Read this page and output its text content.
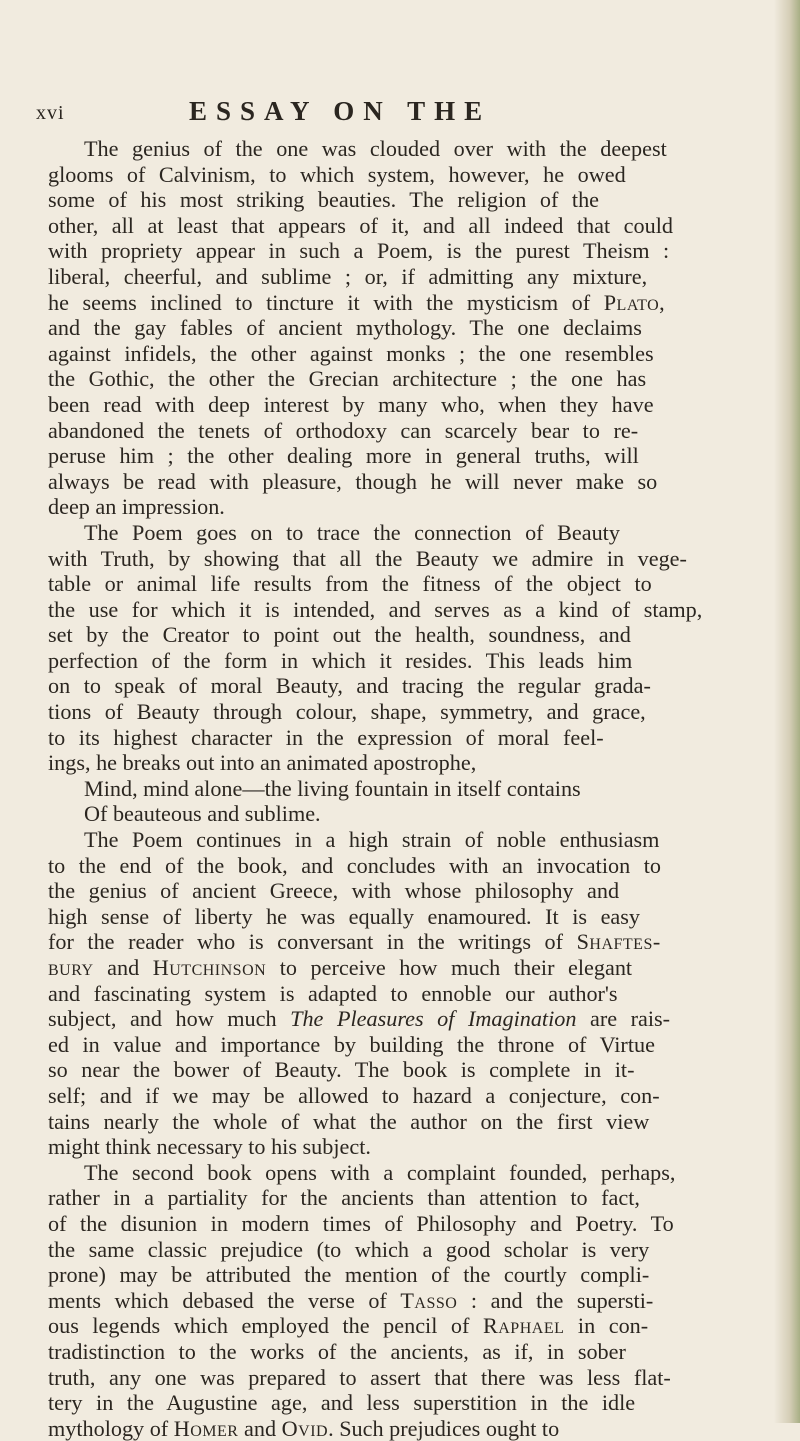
xvi	ESSAY ON THE
The genius of the one was clouded over with the deepest
glooms of Calvinism, to which system, however, he owed
some of his most striking beauties. The religion of the
other, all at least that appears of it, and all indeed that could
with propriety appear in such a Poem, is the purest Theism :
liberal, cheerful, and sublime ; or, if admitting any mixture,
he seems inclined to tincture it with the mysticism of Plato,
and the gay fables of ancient mythology. The one declaims
against infidels, the other against monks ; the one resembles
the Gothic, the other the Grecian architecture ; the one has
been read with deep interest by many who, when they have
abandoned the tenets of orthodoxy can scarcely bear to re-
peruse him ; the other dealing more in general truths, will
always be read with pleasure, though he will never make so
deep an impression.
The Poem goes on to trace the connection of Beauty
with Truth, by showing that all the Beauty we admire in vege-
table or animal life results from the fitness of the object to
the use for which it is intended, and serves as a kind of stamp,
set by the Creator to point out the health, soundness, and
perfection of the form in which it resides. This leads him
on to speak of moral Beauty, and tracing the regular grada-
tions of Beauty through colour, shape, symmetry, and grace,
to its highest character in the expression of moral feel-
ings, he breaks out into an animated apostrophe,
Mind, mind alone—the living fountain in itself contains
Of beauteous and sublime.
The Poem continues in a high strain of noble enthusiasm
to the end of the book, and concludes with an invocation to
the genius of ancient Greece, with whose philosophy and
high sense of liberty he was equally enamoured. It is easy
for the reader who is conversant in the writings of Shaftes-
bury and Hutchinson to perceive how much their elegant
and fascinating system is adapted to ennoble our author's
subject, and how much The Pleasures of Imagination are rais-
ed in value and importance by building the throne of Virtue
so near the bower of Beauty. The book is complete in it-
self; and if we may be allowed to hazard a conjecture, con-
tains nearly the whole of what the author on the first view
might think necessary to his subject.
The second book opens with a complaint founded, perhaps,
rather in a partiality for the ancients than attention to fact,
of the disunion in modern times of Philosophy and Poetry. To
the same classic prejudice (to which a good scholar is very
prone) may be attributed the mention of the courtly compli-
ments which debased the verse of Tasso : and the supersti-
ous legends which employed the pencil of Raphael in con-
tradistinction to the works of the ancients, as if, in sober
truth, any one was prepared to assert that there was less flat-
tery in the Augustine age, and less superstition in the idle
mythology of Homer and Ovid. Such prejudices ought to
